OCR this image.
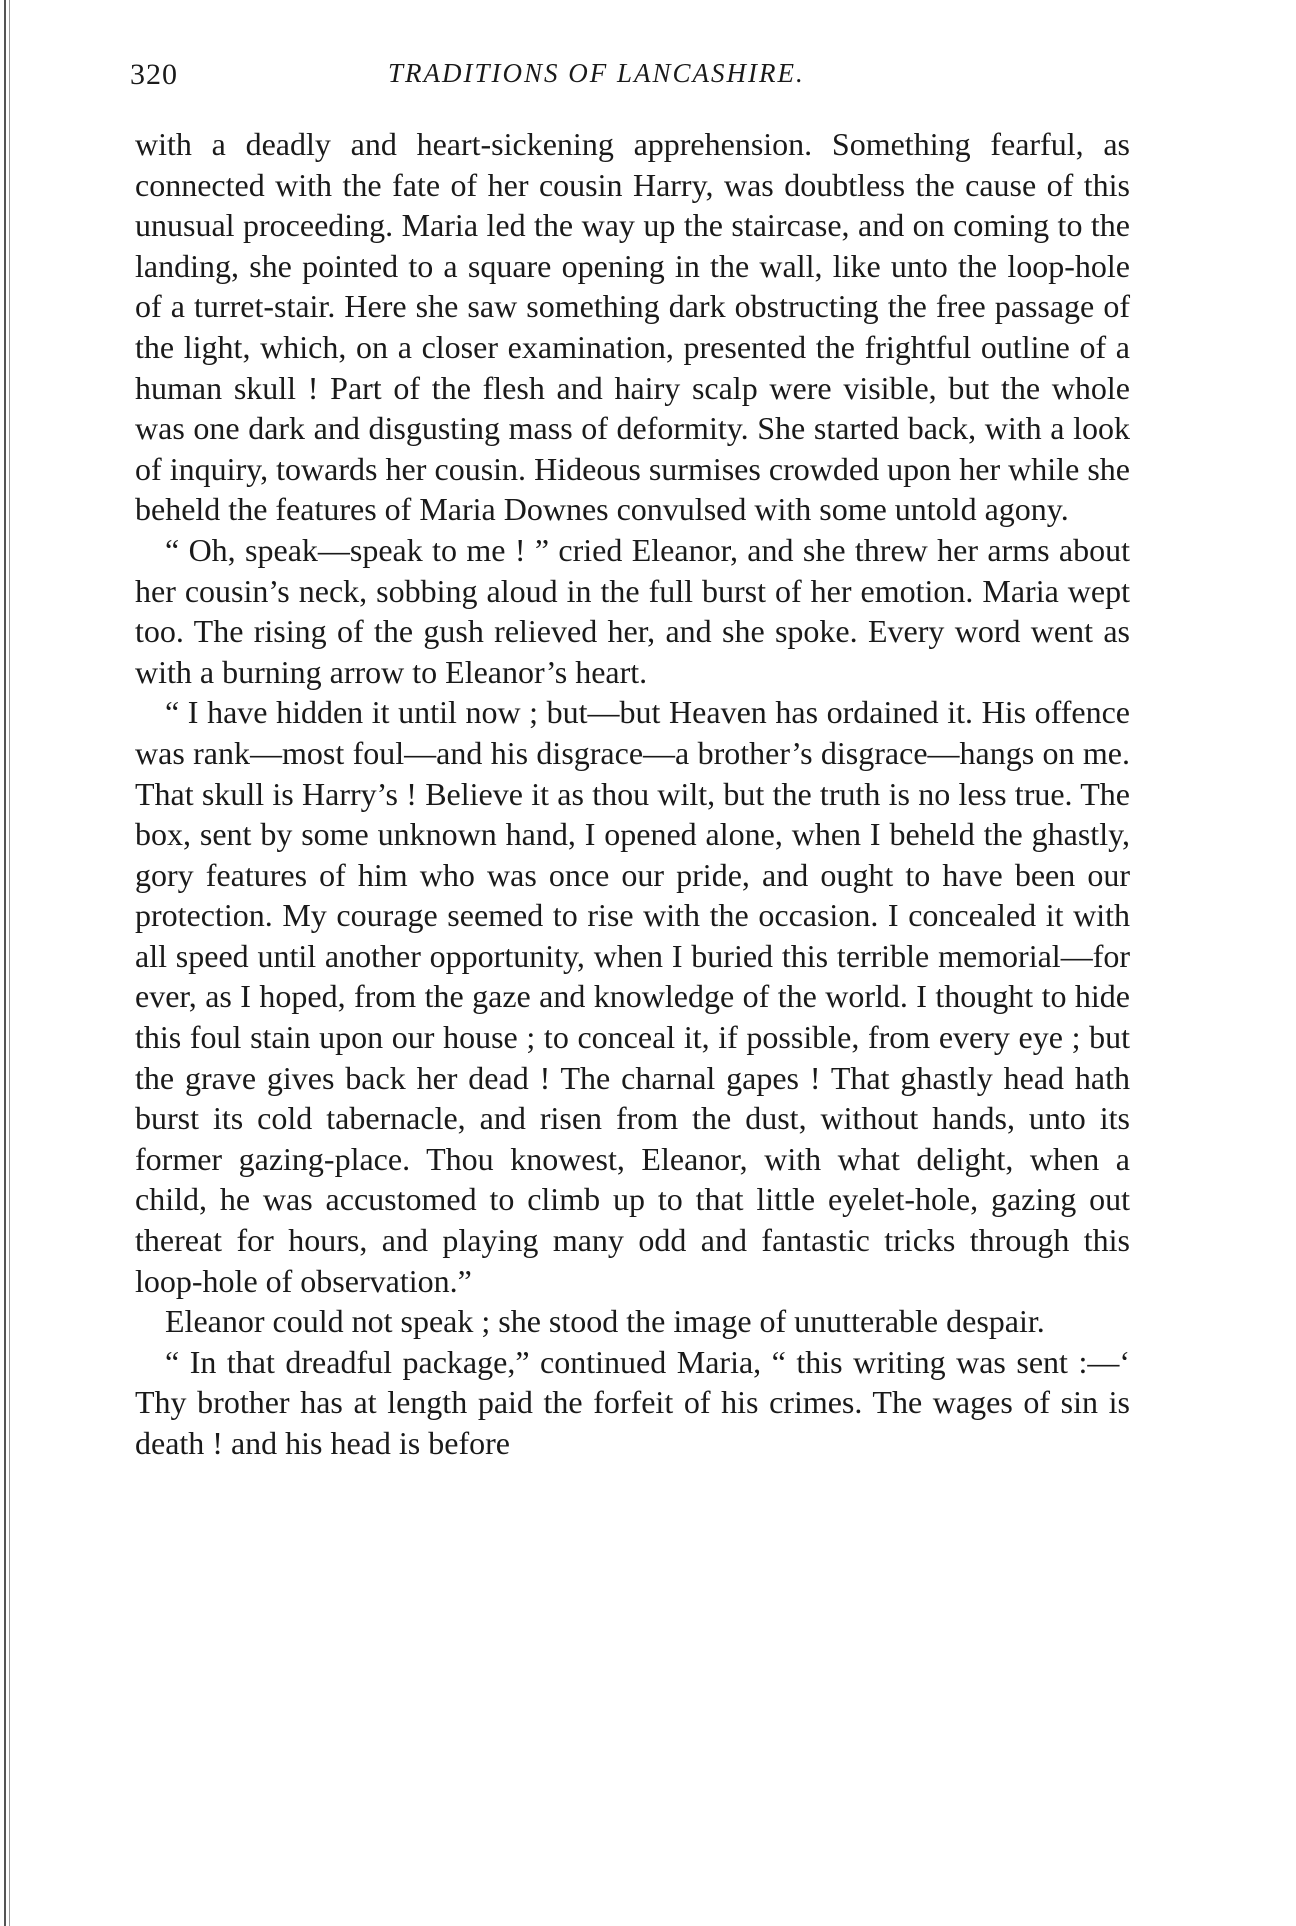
320	TRADITIONS OF LANCASHIRE.

with a deadly and heart-sickening apprehension. Something fearful, as connected with the fate of her cousin Harry, was doubtless the cause of this unusual proceeding. Maria led the way up the staircase, and on coming to the landing, she pointed to a square opening in the wall, like unto the loop-hole of a turret-stair. Here she saw something dark obstructing the free passage of the light, which, on a closer examination, presented the frightful outline of a human skull ! Part of the flesh and hairy scalp were visible, but the whole was one dark and disgusting mass of deformity. She started back, with a look of inquiry, towards her cousin. Hideous surmises crowded upon her while she beheld the features of Maria Downes convulsed with some untold agony.

“ Oh, speak—speak to me ! ” cried Eleanor, and she threw her arms about her cousin’s neck, sobbing aloud in the full burst of her emotion. Maria wept too. The rising of the gush relieved her, and she spoke. Every word went as with a burning arrow to Eleanor’s heart.

“ I have hidden it until now ; but—but Heaven has ordained it. His offence was rank—most foul—and his disgrace—a brother’s disgrace—hangs on me. That skull is Harry’s ! Believe it as thou wilt, but the truth is no less true. The box, sent by some unknown hand, I opened alone, when I beheld the ghastly, gory features of him who was once our pride, and ought to have been our protection. My courage seemed to rise with the occasion. I concealed it with all speed until another opportunity, when I buried this terrible memorial—for ever, as I hoped, from the gaze and knowledge of the world. I thought to hide this foul stain upon our house ; to conceal it, if possible, from every eye ; but the grave gives back her dead ! The charnal gapes ! That ghastly head hath burst its cold tabernacle, and risen from the dust, without hands, unto its former gazing-place. Thou knowest, Eleanor, with what delight, when a child, he was accustomed to climb up to that little eyelet-hole, gazing out thereat for hours, and playing many odd and fantastic tricks through this loop-hole of observation.”

Eleanor could not speak ; she stood the image of unutterable despair.

“ In that dreadful package,” continued Maria, “ this writing was sent :—‘ Thy brother has at length paid the forfeit of his crimes. The wages of sin is death ! and his head is before
